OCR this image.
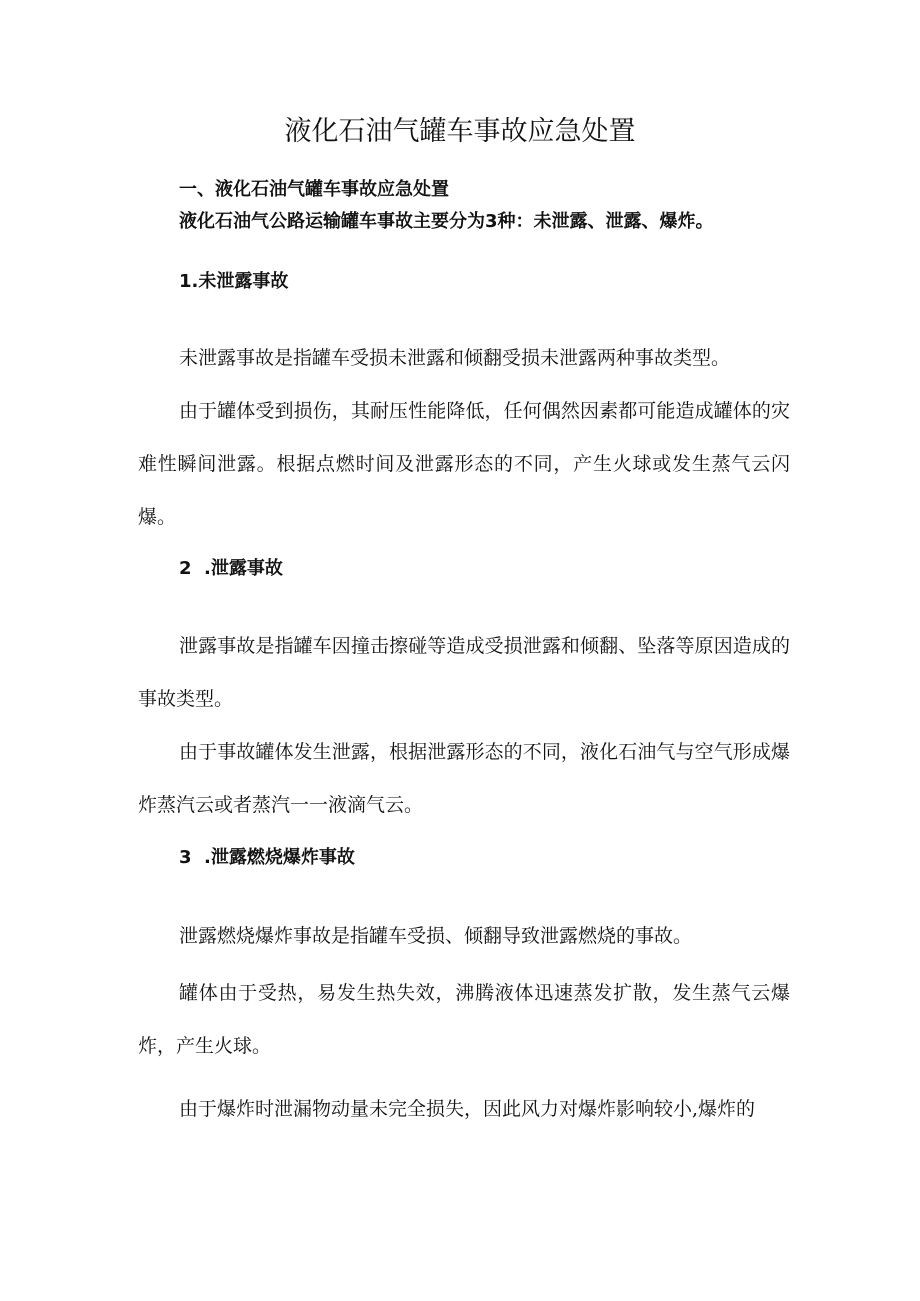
液化石油气罐车事故应急处置

一、液化石油气罐车事故应急处置

液化石油气公路运输罐车事故主要分为3种：未泄露、泄露、爆炸。

1.未泄露事故

未泄露事故是指罐车受损未泄露和倾翻受损未泄露两种事故类型。

由于罐体受到损伤，其耐压性能降低，任何偶然因素都可能造成罐体的灾难性瞬间泄露。根据点燃时间及泄露形态的不同，产生火球或发生蒸气云闪爆。

2  .泄露事故

泄露事故是指罐车因撞击擦碰等造成受损泄露和倾翻、坠落等原因造成的事故类型。

由于事故罐体发生泄露，根据泄露形态的不同，液化石油气与空气形成爆炸蒸汽云或者蒸汽一一液滴气云。

3  .泄露燃烧爆炸事故

泄露燃烧爆炸事故是指罐车受损、倾翻导致泄露燃烧的事故。

罐体由于受热，易发生热失效，沸腾液体迅速蒸发扩散，发生蒸气云爆炸，产生火球。

由于爆炸时泄漏物动量未完全损失，因此风力对爆炸影响较小,爆炸的
